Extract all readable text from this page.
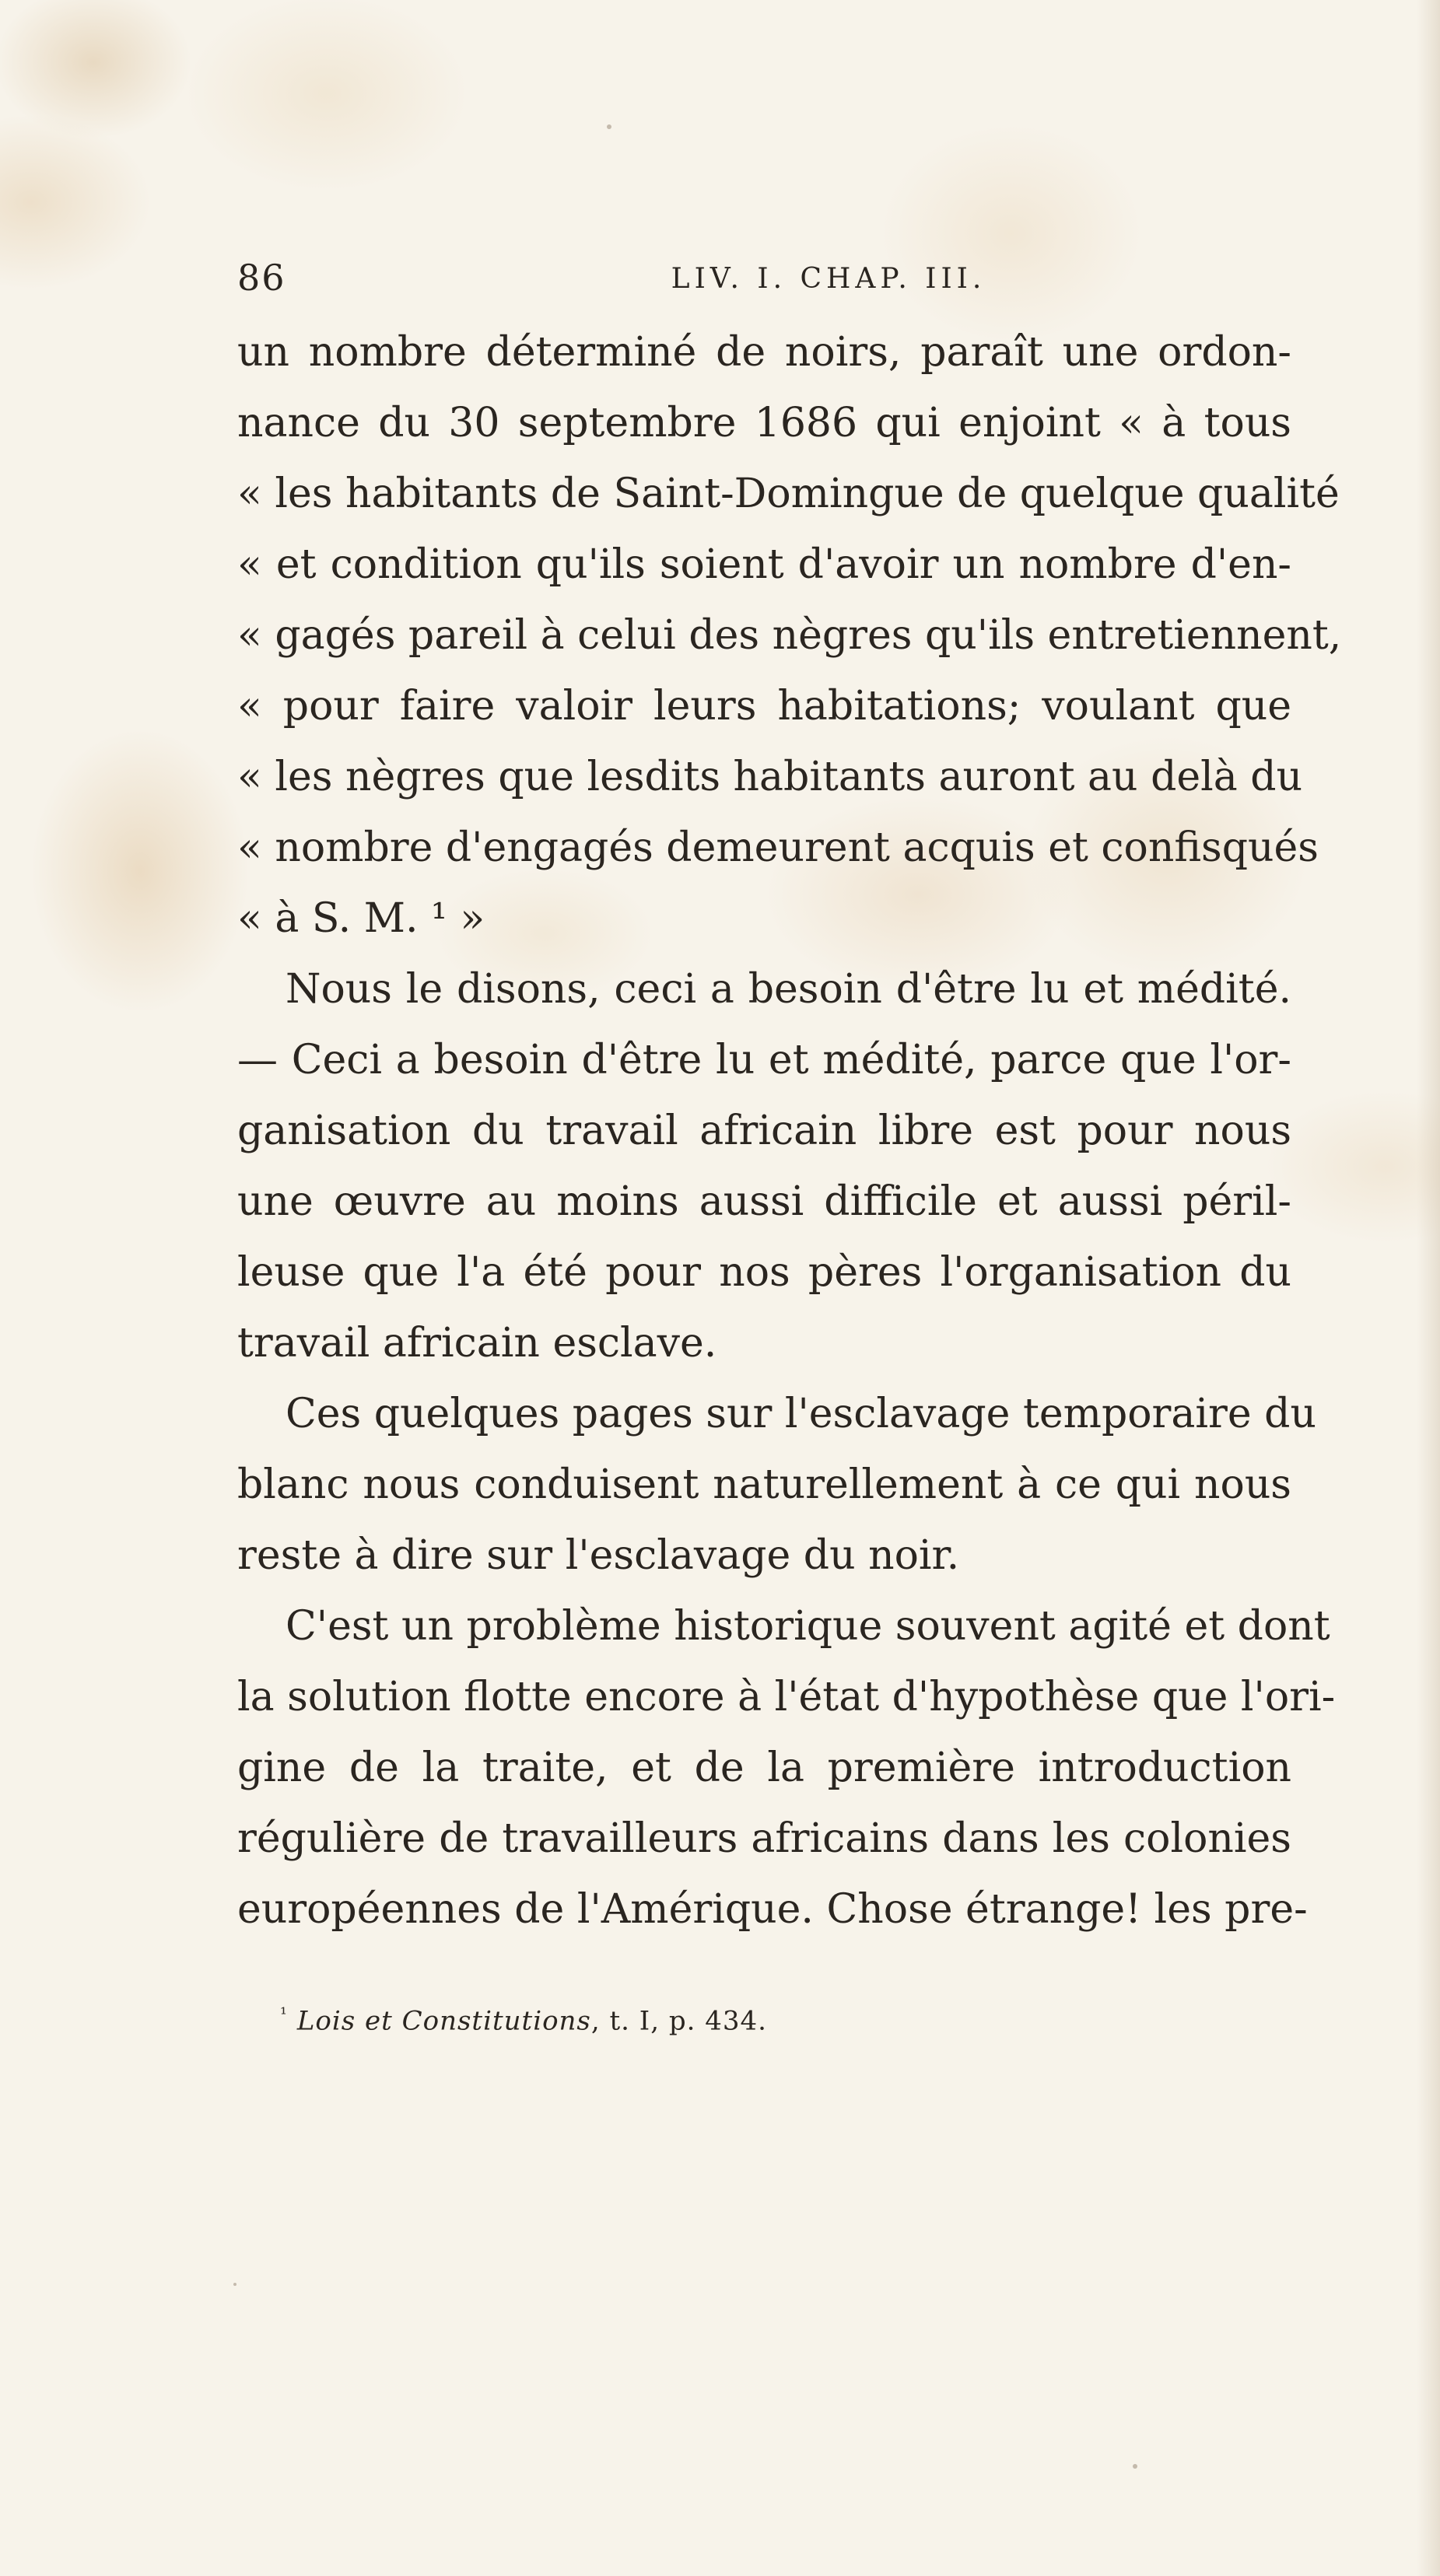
86	LIV. I. CHAP. III.
un nombre déterminé de noirs, paraît une ordon-
nance du 30 septembre 1686 qui enjoint « à tous
« les habitants de Saint-Domingue de quelque qualité
« et condition qu'ils soient d'avoir un nombre d'en-
« gagés pareil à celui des nègres qu'ils entretiennent,
« pour faire valoir leurs habitations; voulant que
« les nègres que lesdits habitants auront au delà du
« nombre d'engagés demeurent acquis et confisqués
« à S. M. ¹ »
Nous le disons, ceci a besoin d'être lu et médité.
— Ceci a besoin d'être lu et médité, parce que l'or-
ganisation du travail africain libre est pour nous
une œuvre au moins aussi difficile et aussi péril-
leuse que l'a été pour nos pères l'organisation du
travail africain esclave.
Ces quelques pages sur l'esclavage temporaire du
blanc nous conduisent naturellement à ce qui nous
reste à dire sur l'esclavage du noir.
C'est un problème historique souvent agité et dont
la solution flotte encore à l'état d'hypothèse que l'ori-
gine de la traite, et de la première introduction
régulière de travailleurs africains dans les colonies
européennes de l'Amérique. Chose étrange! les pre-
$^{^1}$ Lois et Constitutions, t. I, p. 434.
